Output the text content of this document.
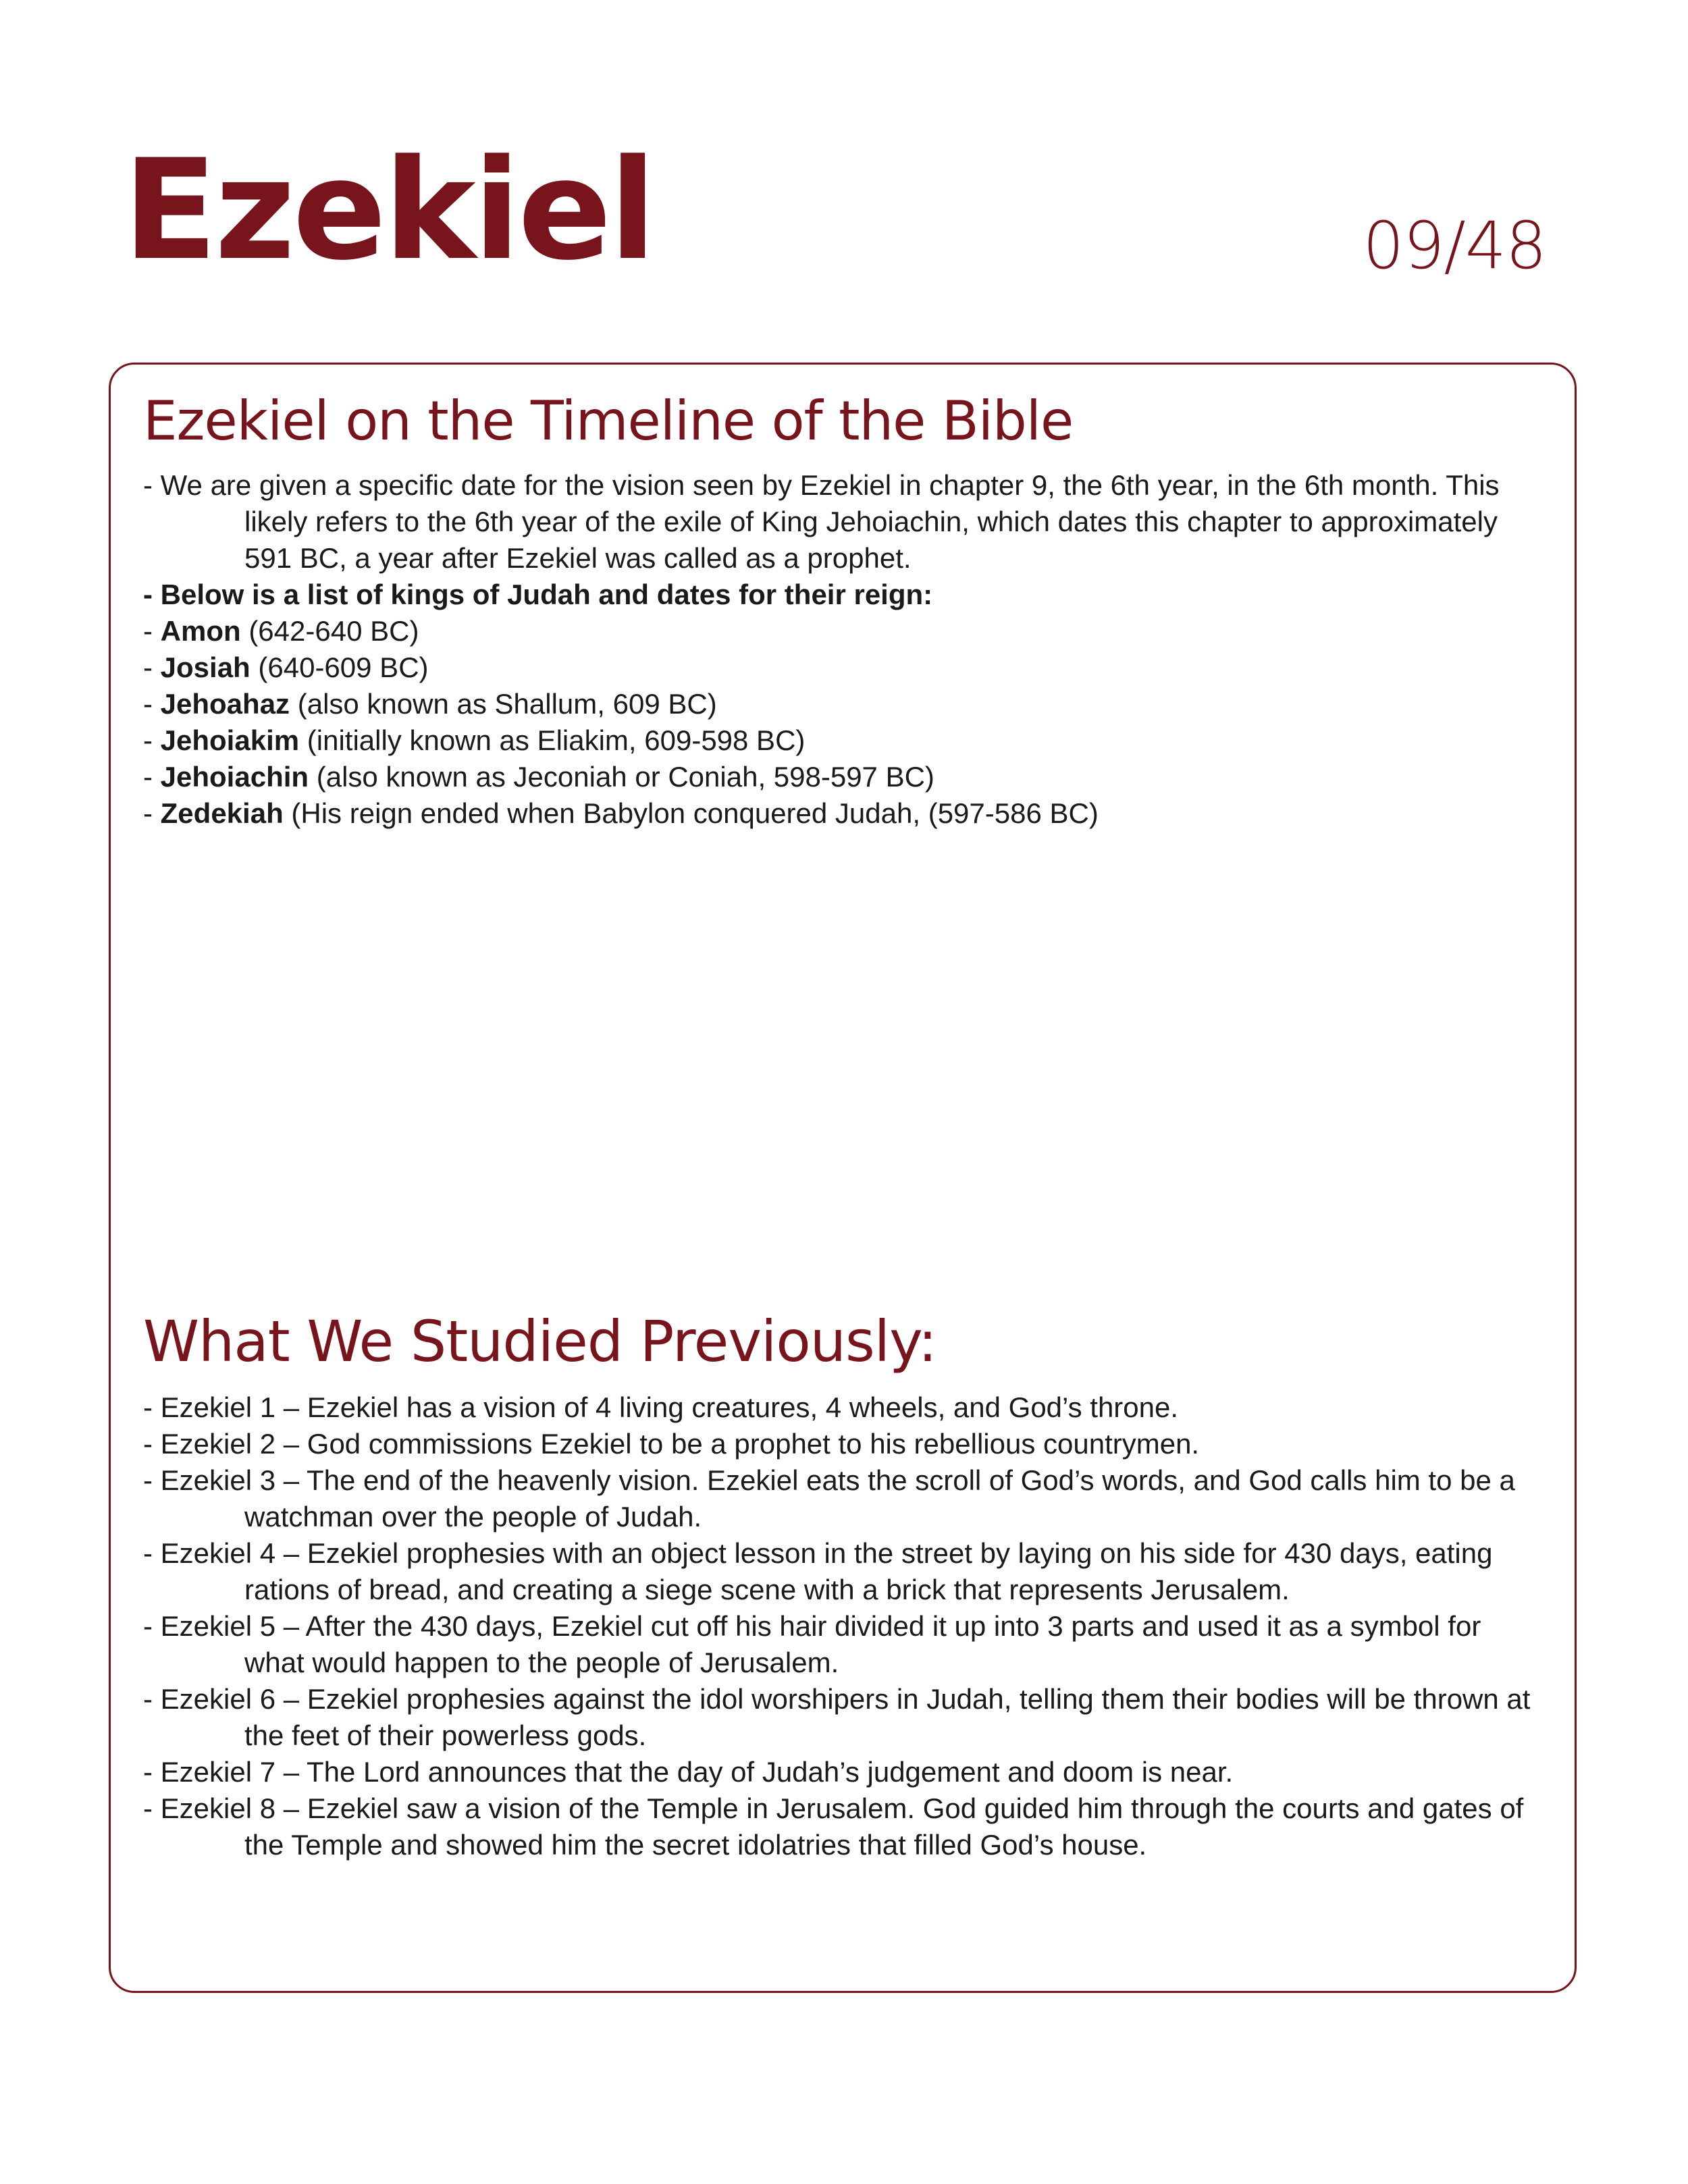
Ezekiel	09/48
Ezekiel on the Timeline of the Bible

- We are given a specific date for the vision seen by Ezekiel in chapter 9, the 6th year, in the 6th month. This likely refers to the 6th year of the exile of King Jehoiachin, which dates this chapter to approximately 591 BC, a year after Ezekiel was called as a prophet.

- Below is a list of kings of Judah and dates for their reign:

- Amon (642-640 BC)

- Josiah (640-609 BC)

- Jehoahaz (also known as Shallum, 609 BC)

- Jehoiakim (initially known as Eliakim, 609-598 BC)

- Jehoiachin (also known as Jeconiah or Coniah, 598-597 BC)

- Zedekiah (His reign ended when Babylon conquered Judah, (597-586 BC)

What We Studied Previously:

- Ezekiel 1 – Ezekiel has a vision of 4 living creatures, 4 wheels, and God’s throne.

- Ezekiel 2 – God commissions Ezekiel to be a prophet to his rebellious countrymen.

- Ezekiel 3 – The end of the heavenly vision. Ezekiel eats the scroll of God’s words, and God calls him to be a watchman over the people of Judah.

- Ezekiel 4 – Ezekiel prophesies with an object lesson in the street by laying on his side for 430 days, eating rations of bread, and creating a siege scene with a brick that represents Jerusalem.

- Ezekiel 5 – After the 430 days, Ezekiel cut off his hair divided it up into 3 parts and used it as a symbol for what would happen to the people of Jerusalem.

- Ezekiel 6 – Ezekiel prophesies against the idol worshipers in Judah, telling them their bodies will be thrown at the feet of their powerless gods.

- Ezekiel 7 – The Lord announces that the day of Judah’s judgement and doom is near.

- Ezekiel 8 – Ezekiel saw a vision of the Temple in Jerusalem. God guided him through the courts and gates of the Temple and showed him the secret idolatries that filled God’s house.
